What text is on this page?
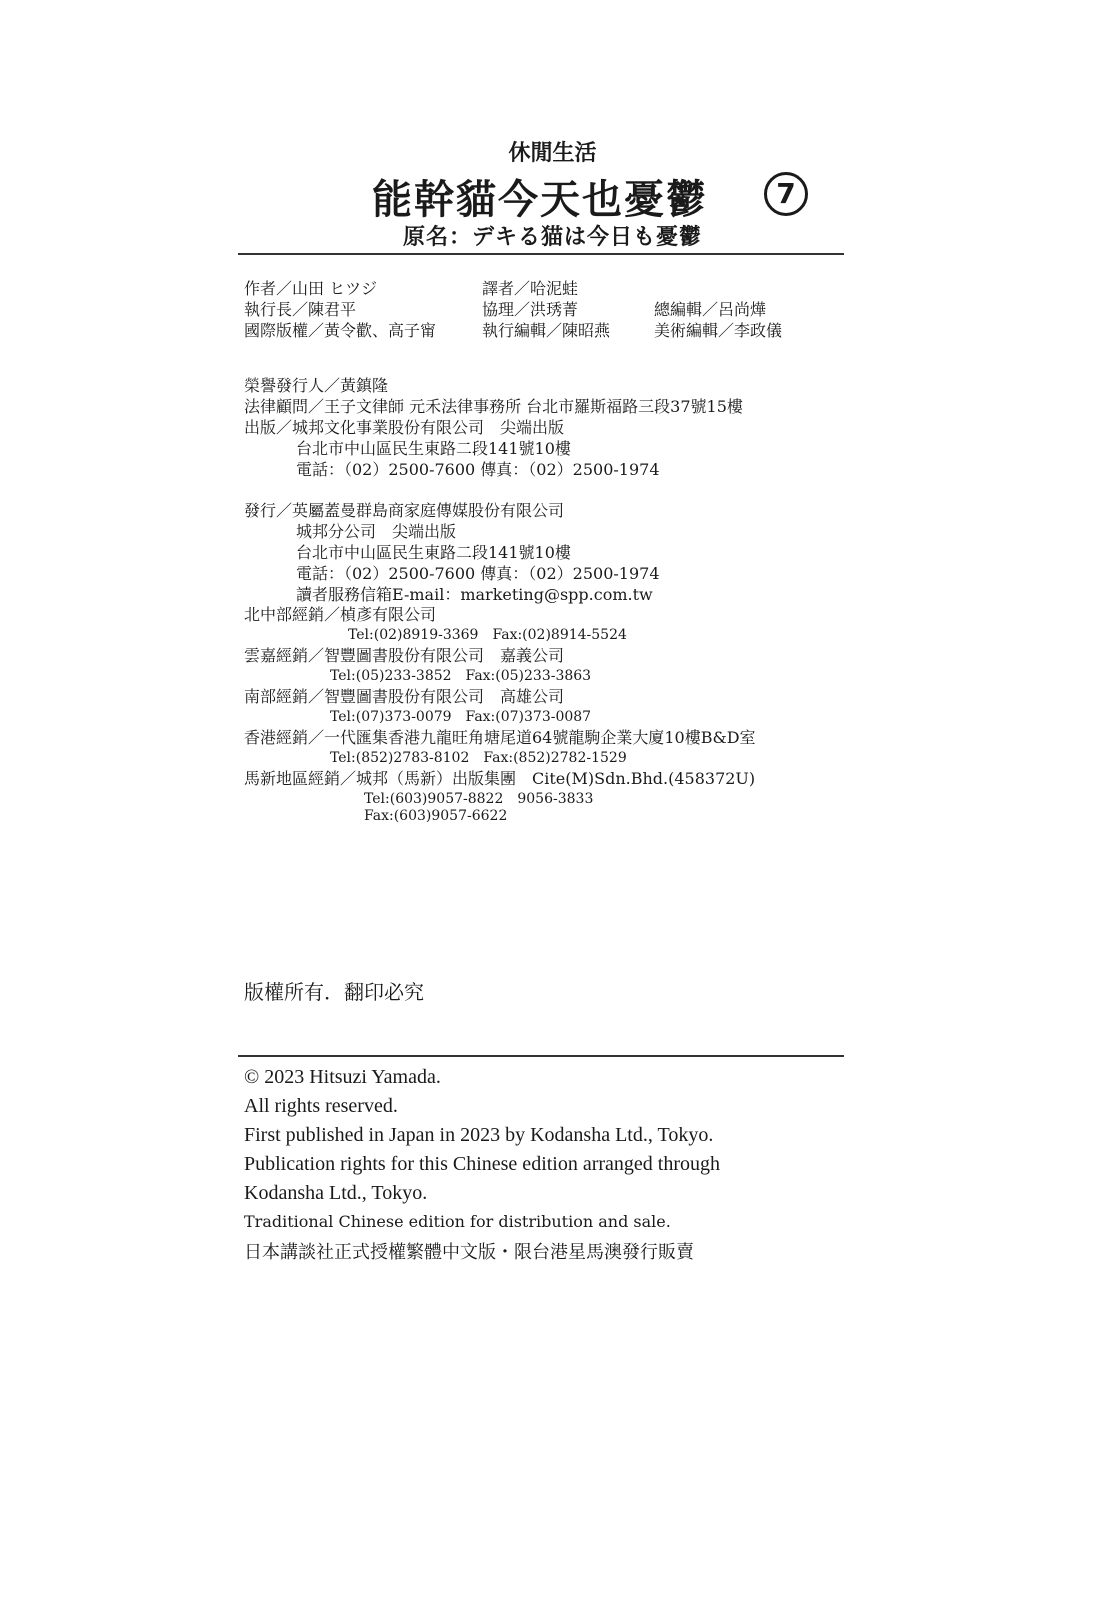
休閒生活
能幹貓今天也憂鬱	7
原名：デキる猫は今日も憂鬱
作者／山田 ヒツジ	譯者／哈泥蛙
執行長／陳君平	協理／洪琇菁	總編輯／呂尚燁
國際版權／黃令歡、高子甯	執行編輯／陳昭燕	美術編輯／李政儀
榮譽發行人／黃鎮隆
法律顧問／王子文律師 元禾法律事務所 台北市羅斯福路三段37號15樓
出版／城邦文化事業股份有限公司　尖端出版
台北市中山區民生東路二段141號10樓
電話：（02）2500-7600 傳真：（02）2500-1974
發行／英屬蓋曼群島商家庭傳媒股份有限公司
城邦分公司　尖端出版
台北市中山區民生東路二段141號10樓
電話：（02）2500-7600 傳真：（02）2500-1974
讀者服務信箱E-mail：marketing@spp.com.tw
北中部經銷／楨彥有限公司
Tel:(02)8919-3369　Fax:(02)8914-5524
雲嘉經銷／智豐圖書股份有限公司　嘉義公司
Tel:(05)233-3852　Fax:(05)233-3863
南部經銷／智豐圖書股份有限公司　高雄公司
Tel:(07)373-0079　Fax:(07)373-0087
香港經銷／一代匯集香港九龍旺角塘尾道64號龍駒企業大廈10樓B&D室
Tel:(852)2783-8102　Fax:(852)2782-1529
馬新地區經銷／城邦（馬新）出版集團　Cite(M)Sdn.Bhd.(458372U)
Tel:(603)9057-8822　9056-3833
Fax:(603)9057-6622
版權所有．翻印必究
© 2023 Hitsuzi Yamada.
All rights reserved.
First published in Japan in 2023 by Kodansha Ltd., Tokyo.
Publication rights for this Chinese edition arranged through
Kodansha Ltd., Tokyo.
Traditional Chinese edition for distribution and sale.
日本講談社正式授權繁體中文版・限台港星馬澳發行販賣
